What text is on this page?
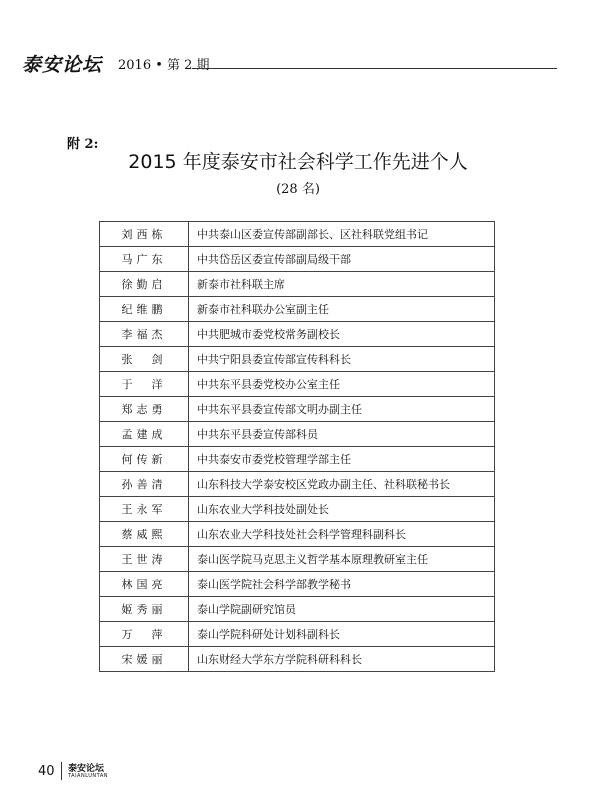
泰安论坛 2016 • 第 2 期
附 2:
2015 年度泰安市社会科学工作先进个人
(28 名)
刘西栋	中共泰山区委宣传部副部长、区社科联党组书记
马广东	中共岱岳区委宣传部副局级干部
徐勤启	新泰市社科联主席
纪维鹏	新泰市社科联办公室副主任
李福杰	中共肥城市委党校常务副校长
张　剑	中共宁阳县委宣传部宣传科科长
于　洋	中共东平县委党校办公室主任
郑志勇	中共东平县委宣传部文明办副主任
孟建成	中共东平县委宣传部科员
何传新	中共泰安市委党校管理学部主任
孙善清	山东科技大学泰安校区党政办副主任、社科联秘书长
王永军	山东农业大学科技处副处长
蔡威熙	山东农业大学科技处社会科学管理科副科长
王世涛	泰山医学院马克思主义哲学基本原理教研室主任
林国亮	泰山医学院社会科学部教学秘书
姬秀丽	泰山学院副研究馆员
万　萍	泰山学院科研处计划科副科长
宋媛丽	山东财经大学东方学院科研科科长
40 泰安论坛
TAIANLUNTAN
